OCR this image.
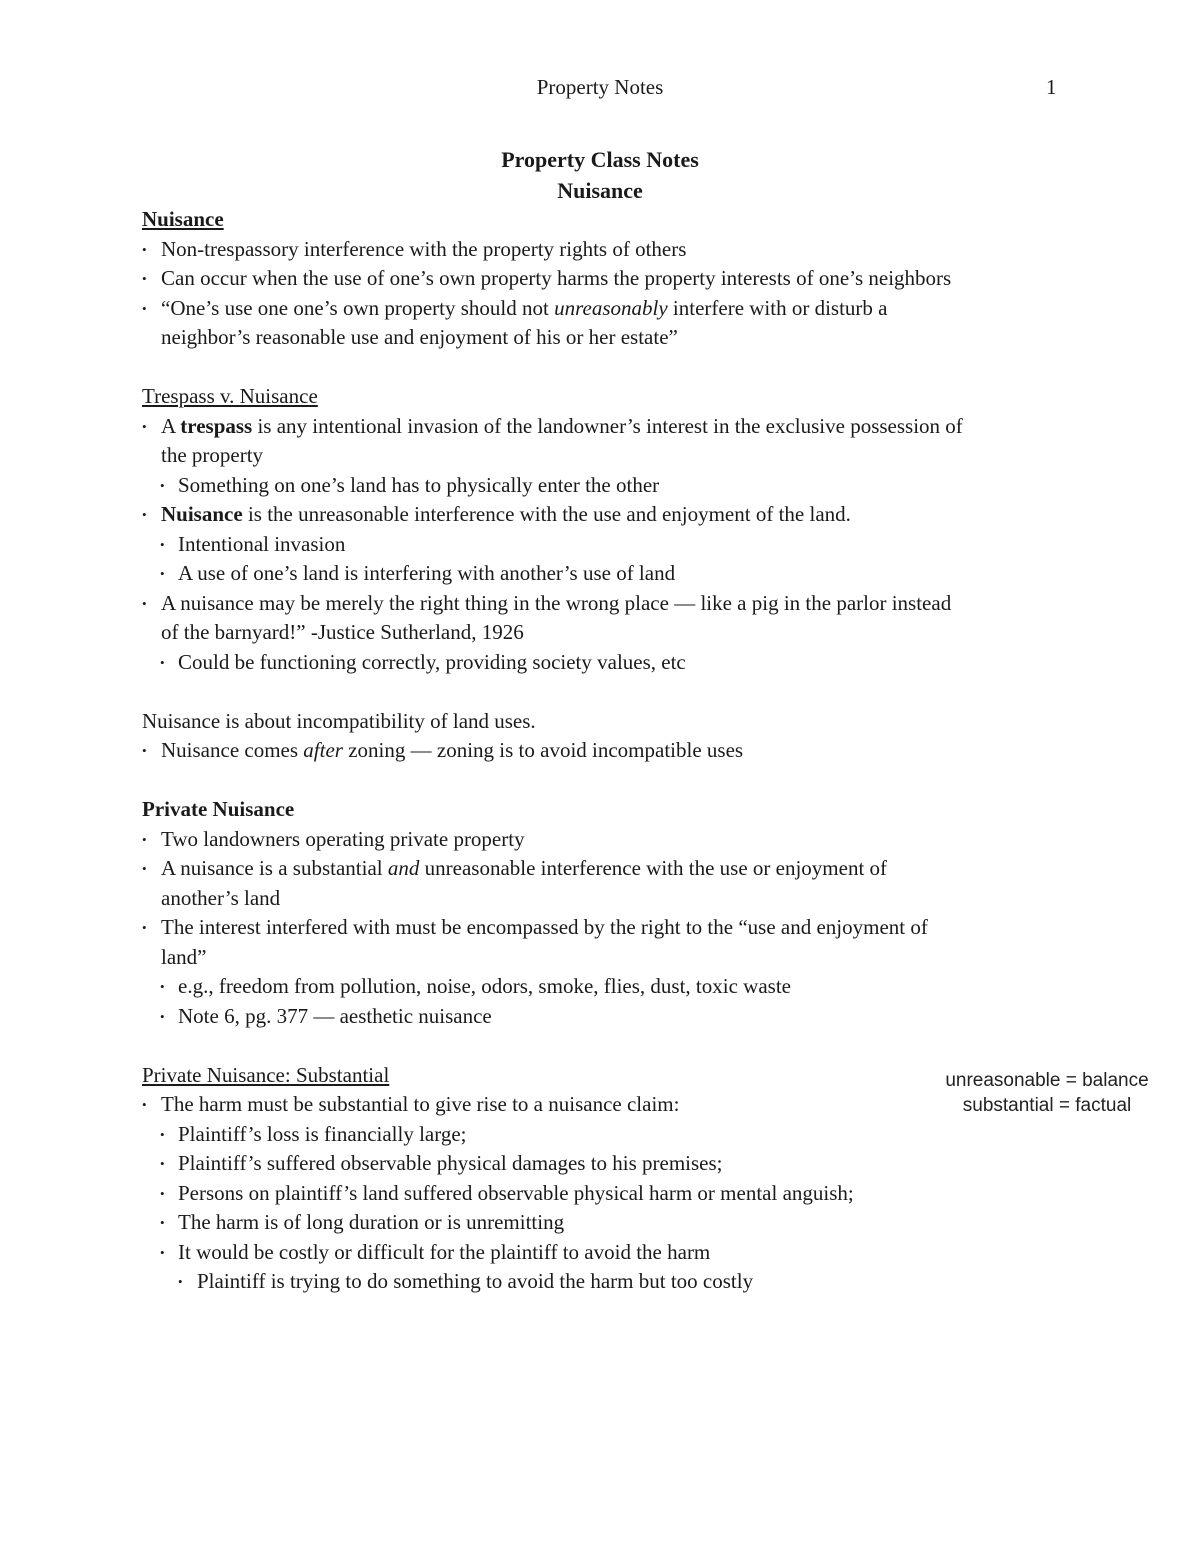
Property Notes	1
Property Class Notes
Nuisance
Nuisance
• Non-trespassory interference with the property rights of others
• Can occur when the use of one’s own property harms the property interests of one’s neighbors
• “One’s use one one’s own property should not unreasonably interfere with or disturb a
neighbor’s reasonable use and enjoyment of his or her estate”
Trespass v. Nuisance
• A trespass is any intentional invasion of the landowner’s interest in the exclusive possession of
the property
• Something on one’s land has to physically enter the other
• Nuisance is the unreasonable interference with the use and enjoyment of the land.
• Intentional invasion
• A use of one’s land is interfering with another’s use of land
• A nuisance may be merely the right thing in the wrong place — like a pig in the parlor instead
of the barnyard!” -Justice Sutherland, 1926
• Could be functioning correctly, providing society values, etc
Nuisance is about incompatibility of land uses.
• Nuisance comes after zoning — zoning is to avoid incompatible uses
Private Nuisance
• Two landowners operating private property
• A nuisance is a substantial and unreasonable interference with the use or enjoyment of
another’s land
• The interest interfered with must be encompassed by the right to the “use and enjoyment of
land”
• e.g., freedom from pollution, noise, odors, smoke, flies, dust, toxic waste
• Note 6, pg. 377 — aesthetic nuisance
Private Nuisance: Substantial
• The harm must be substantial to give rise to a nuisance claim:
• Plaintiff’s loss is financially large;
• Plaintiff’s suffered observable physical damages to his premises;
• Persons on plaintiff’s land suffered observable physical harm or mental anguish;
• The harm is of long duration or is unremitting
• It would be costly or difficult for the plaintiff to avoid the harm
• Plaintiff is trying to do something to avoid the harm but too costly
unreasonable = balance
substantial = factual
